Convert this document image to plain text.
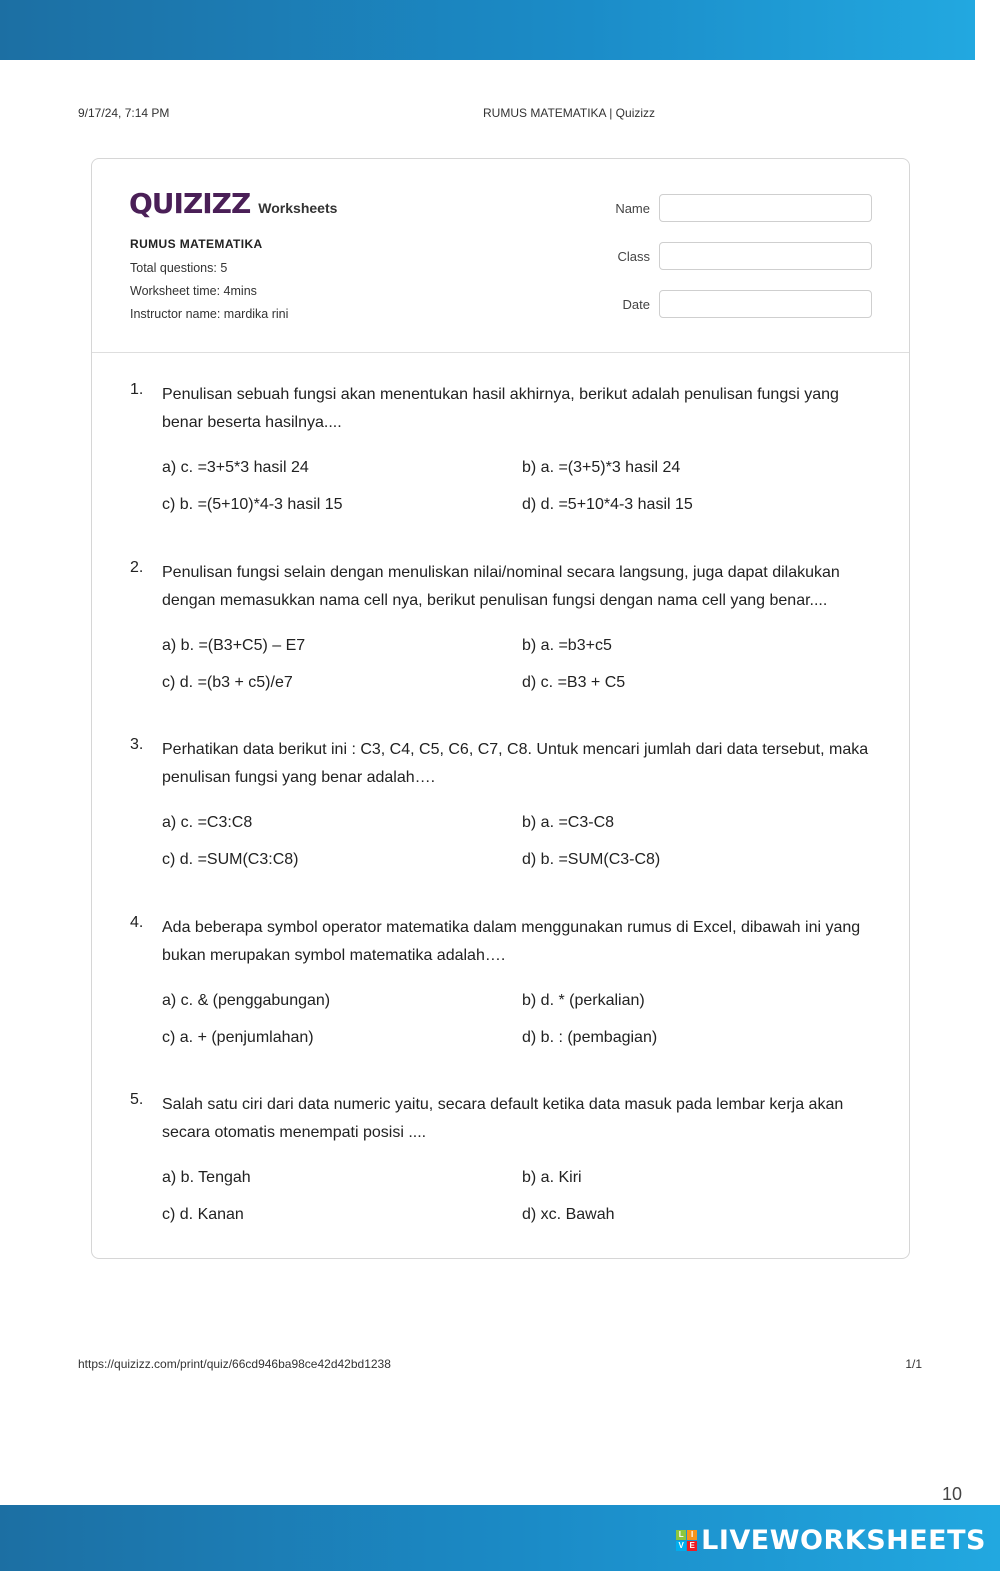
9/17/24, 7:14 PM	RUMUS MATEMATIKA | Quizizz
QUIZIZZ Worksheets
RUMUS MATEMATIKA
Total questions: 5
Worksheet time: 4mins
Instructor name: mardika rini
Name
Class
Date
1. Penulisan sebuah fungsi akan menentukan hasil akhirnya, berikut adalah penulisan fungsi yang benar beserta hasilnya....
a) c. =3+5*3 hasil 24	b) a. =(3+5)*3 hasil 24
c) b. =(5+10)*4-3 hasil 15	d) d. =5+10*4-3 hasil 15
2. Penulisan fungsi selain dengan menuliskan nilai/nominal secara langsung, juga dapat dilakukan dengan memasukkan nama cell nya, berikut penulisan fungsi dengan nama cell yang benar....
a) b. =(B3+C5) – E7	b) a. =b3+c5
c) d. =(b3 + c5)/e7	d) c. =B3 + C5
3. Perhatikan data berikut ini : C3, C4, C5, C6, C7, C8. Untuk mencari jumlah dari data tersebut, maka penulisan fungsi yang benar adalah….
a) c. =C3:C8	b) a. =C3-C8
c) d. =SUM(C3:C8)	d) b. =SUM(C3-C8)
4. Ada beberapa symbol operator matematika dalam menggunakan rumus di Excel, dibawah ini yang bukan merupakan symbol matematika adalah….
a) c. & (penggabungan)	b) d. * (perkalian)
c) a. + (penjumlahan)	d) b. : (pembagian)
5. Salah satu ciri dari data numeric yaitu, secara default ketika data masuk pada lembar kerja akan secara otomatis menempati posisi ....
a) b. Tengah	b) a. Kiri
c) d. Kanan	d) xc. Bawah
https://quizizz.com/print/quiz/66cd946ba98ce42d42bd1238	1/1
10
L I
V E LIVEWORKSHEETS
